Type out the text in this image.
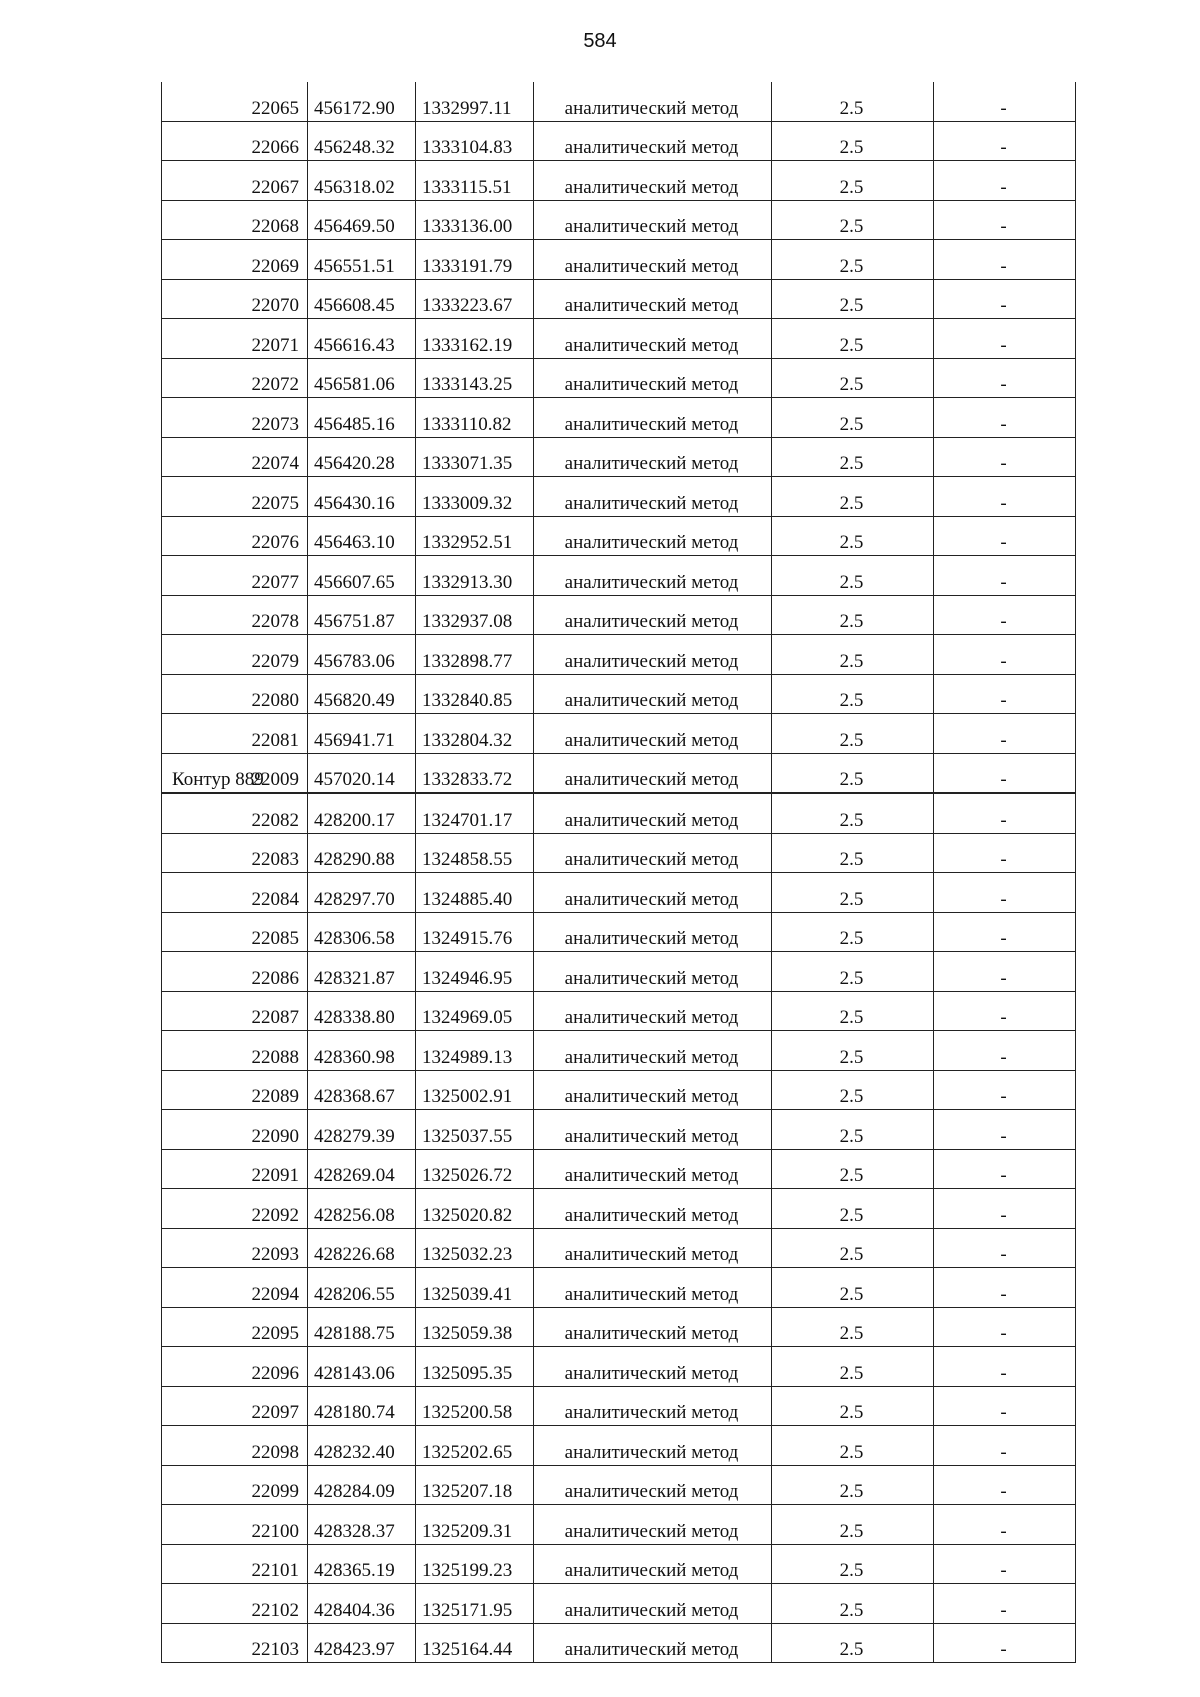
584
22065	456172.90	1332997.11	аналитический метод	2.5	-
22066	456248.32	1333104.83	аналитический метод	2.5	-
22067	456318.02	1333115.51	аналитический метод	2.5	-
22068	456469.50	1333136.00	аналитический метод	2.5	-
22069	456551.51	1333191.79	аналитический метод	2.5	-
22070	456608.45	1333223.67	аналитический метод	2.5	-
22071	456616.43	1333162.19	аналитический метод	2.5	-
22072	456581.06	1333143.25	аналитический метод	2.5	-
22073	456485.16	1333110.82	аналитический метод	2.5	-
22074	456420.28	1333071.35	аналитический метод	2.5	-
22075	456430.16	1333009.32	аналитический метод	2.5	-
22076	456463.10	1332952.51	аналитический метод	2.5	-
22077	456607.65	1332913.30	аналитический метод	2.5	-
22078	456751.87	1332937.08	аналитический метод	2.5	-
22079	456783.06	1332898.77	аналитический метод	2.5	-
22080	456820.49	1332840.85	аналитический метод	2.5	-
22081	456941.71	1332804.32	аналитический метод	2.5	-
22009	457020.14	1332833.72	аналитический метод	2.5	-
Контур 889
22082	428200.17	1324701.17	аналитический метод	2.5	-
22083	428290.88	1324858.55	аналитический метод	2.5	-
22084	428297.70	1324885.40	аналитический метод	2.5	-
22085	428306.58	1324915.76	аналитический метод	2.5	-
22086	428321.87	1324946.95	аналитический метод	2.5	-
22087	428338.80	1324969.05	аналитический метод	2.5	-
22088	428360.98	1324989.13	аналитический метод	2.5	-
22089	428368.67	1325002.91	аналитический метод	2.5	-
22090	428279.39	1325037.55	аналитический метод	2.5	-
22091	428269.04	1325026.72	аналитический метод	2.5	-
22092	428256.08	1325020.82	аналитический метод	2.5	-
22093	428226.68	1325032.23	аналитический метод	2.5	-
22094	428206.55	1325039.41	аналитический метод	2.5	-
22095	428188.75	1325059.38	аналитический метод	2.5	-
22096	428143.06	1325095.35	аналитический метод	2.5	-
22097	428180.74	1325200.58	аналитический метод	2.5	-
22098	428232.40	1325202.65	аналитический метод	2.5	-
22099	428284.09	1325207.18	аналитический метод	2.5	-
22100	428328.37	1325209.31	аналитический метод	2.5	-
22101	428365.19	1325199.23	аналитический метод	2.5	-
22102	428404.36	1325171.95	аналитический метод	2.5	-
22103	428423.97	1325164.44	аналитический метод	2.5	-
